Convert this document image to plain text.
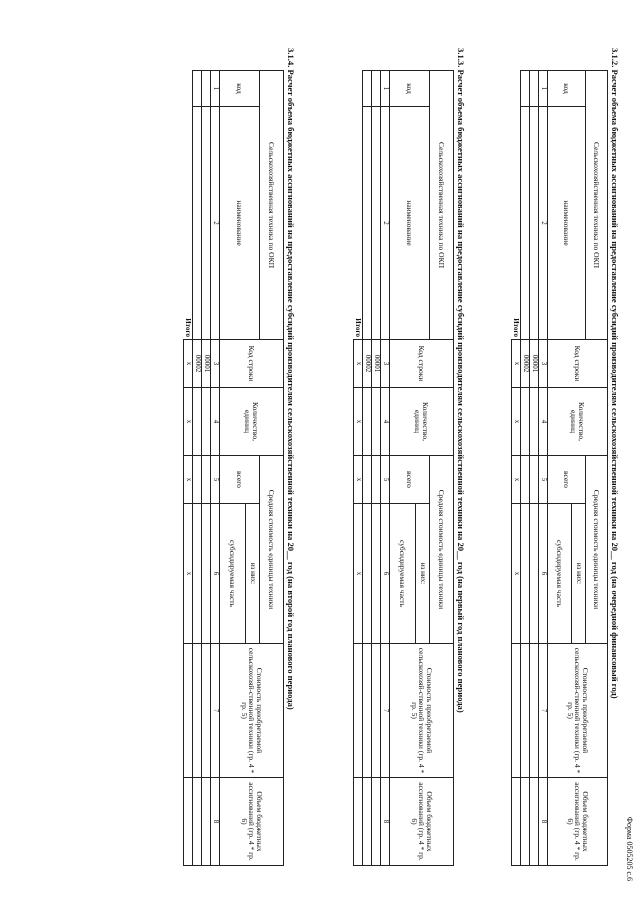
Форма 0505205 с.6
3.1.2. Расчет объема бюджетных ассигнований на предоставление субсидий производителям сельскохозяйственной техники на 20__ год (на очередной финансовый год)
Сельскохозяйственная техника по ОКП		Код строки	Количество, единиц	Средняя стоимость единицы техники		Стоимость приобретаемой сельскохозяй-ственной техники (гр. 4 * гр. 5)	Объем бюджетных ассигнований (гр. 4 * гр. 6)
код	наименование			всего	из них:		
					субсидируемая часть		
1	2	3	4	5	6	7	8
		00001					
		00002					
Итого		x	x	x	x		
3.1.3. Расчет объема бюджетных ассигнований на предоставление субсидий производителям сельскохозяйственной техники на 20__ год (на первый год планового периода)
Сельскохозяйственная техника по ОКП		Код строки	Количество, единиц	Средняя стоимость единицы техники		Стоимость приобретаемой сельскохозяй-ственной техники (гр. 4 * гр. 5)	Объем бюджетных ассигнований (гр. 4 * гр. 6)
код	наименование			всего	из них:		
					субсидируемая часть		
1	2	3	4	5	6	7	8
		00001					
		00002					
Итого		x	x	x	x		
3.1.4. Расчет объема бюджетных ассигнований на предоставление субсидий производителям сельскохозяйственной техники на 20__ год (на второй год планового периода)
Сельскохозяйственная техника по ОКП		Код строки	Количество, единиц	Средняя стоимость единицы техники		Стоимость приобретаемой сельскохозяй-ственной техники (гр. 4 * гр. 5)	Объем бюджетных ассигнований (гр. 4 * гр. 6)
код	наименование			всего	из них:		
					субсидируемая часть		
1	2	3	4	5	6	7	8
		00001					
		00002					
Итого		x	x	x	x		
